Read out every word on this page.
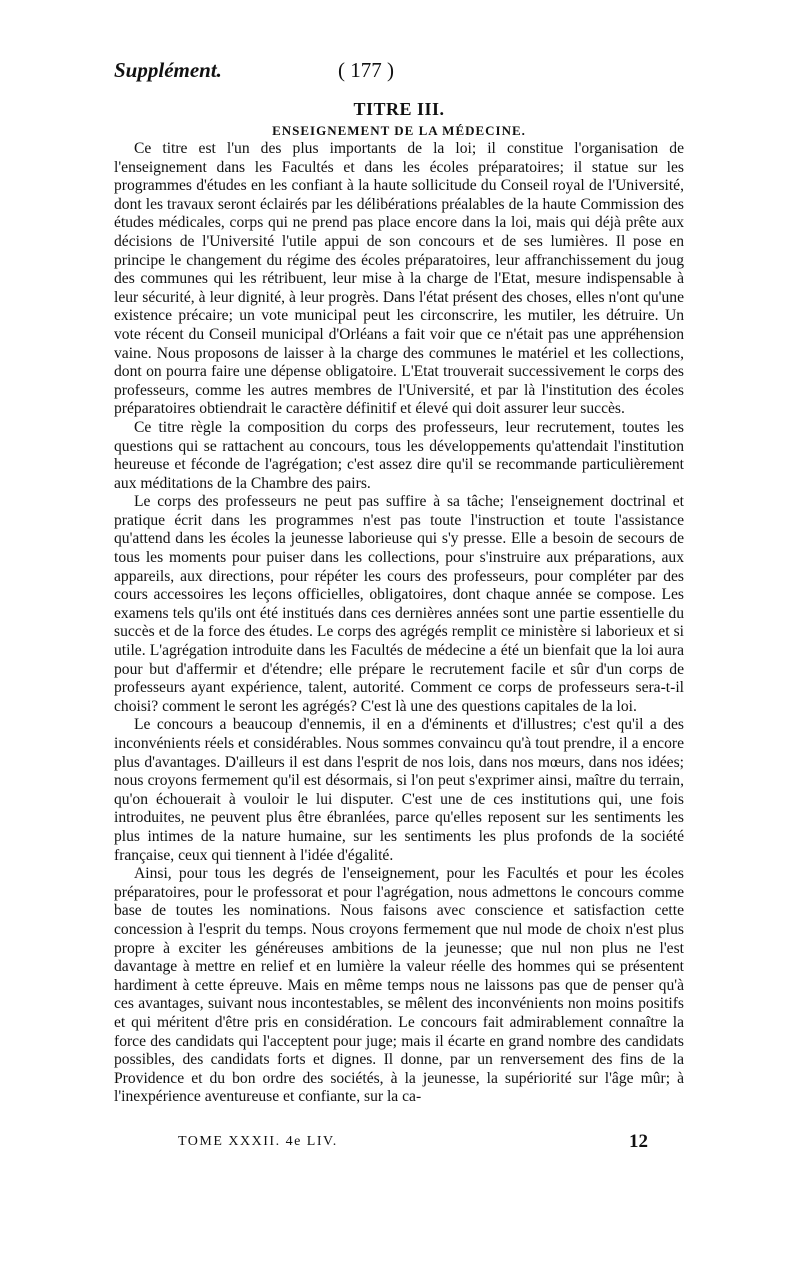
Supplément.	( 177 )
TITRE III.
ENSEIGNEMENT DE LA MÉDECINE.

Ce titre est l'un des plus importants de la loi; il constitue l'organisation de l'enseignement dans les Facultés et dans les écoles préparatoires; il statue sur les programmes d'études en les confiant à la haute sollicitude du Conseil royal de l'Université, dont les travaux seront éclairés par les délibérations préalables de la haute Commission des études médicales, corps qui ne prend pas place encore dans la loi, mais qui déjà prête aux décisions de l'Université l'utile appui de son concours et de ses lumières. Il pose en principe le changement du régime des écoles préparatoires, leur affranchissement du joug des communes qui les rétribuent, leur mise à la charge de l'Etat, mesure indispensable à leur sécurité, à leur dignité, à leur progrès. Dans l'état présent des choses, elles n'ont qu'une existence précaire; un vote municipal peut les circonscrire, les mutiler, les détruire. Un vote récent du Conseil municipal d'Orléans a fait voir que ce n'était pas une appréhension vaine. Nous proposons de laisser à la charge des communes le matériel et les collections, dont on pourra faire une dépense obligatoire. L'Etat trouverait successivement le corps des professeurs, comme les autres membres de l'Université, et par là l'institution des écoles préparatoires obtiendrait le caractère définitif et élevé qui doit assurer leur succès.

Ce titre règle la composition du corps des professeurs, leur recrutement, toutes les questions qui se rattachent au concours, tous les développements qu'attendait l'institution heureuse et féconde de l'agrégation; c'est assez dire qu'il se recommande particulièrement aux méditations de la Chambre des pairs.

Le corps des professeurs ne peut pas suffire à sa tâche; l'enseignement doctrinal et pratique écrit dans les programmes n'est pas toute l'instruction et toute l'assistance qu'attend dans les écoles la jeunesse laborieuse qui s'y presse. Elle a besoin de secours de tous les moments pour puiser dans les collections, pour s'instruire aux préparations, aux appareils, aux directions, pour répéter les cours des professeurs, pour compléter par des cours accessoires les leçons officielles, obligatoires, dont chaque année se compose. Les examens tels qu'ils ont été institués dans ces dernières années sont une partie essentielle du succès et de la force des études. Le corps des agrégés remplit ce ministère si laborieux et si utile. L'agrégation introduite dans les Facultés de médecine a été un bienfait que la loi aura pour but d'affermir et d'étendre; elle prépare le recrutement facile et sûr d'un corps de professeurs ayant expérience, talent, autorité. Comment ce corps de professeurs sera-t-il choisi? comment le seront les agrégés? C'est là une des questions capitales de la loi.

Le concours a beaucoup d'ennemis, il en a d'éminents et d'illustres; c'est qu'il a des inconvénients réels et considérables. Nous sommes convaincu qu'à tout prendre, il a encore plus d'avantages. D'ailleurs il est dans l'esprit de nos lois, dans nos mœurs, dans nos idées; nous croyons fermement qu'il est désormais, si l'on peut s'exprimer ainsi, maître du terrain, qu'on échouerait à vouloir le lui disputer. C'est une de ces institutions qui, une fois introduites, ne peuvent plus être ébranlées, parce qu'elles reposent sur les sentiments les plus intimes de la nature humaine, sur les sentiments les plus profonds de la société française, ceux qui tiennent à l'idée d'égalité.

Ainsi, pour tous les degrés de l'enseignement, pour les Facultés et pour les écoles préparatoires, pour le professorat et pour l'agrégation, nous admettons le concours comme base de toutes les nominations. Nous faisons avec conscience et satisfaction cette concession à l'esprit du temps. Nous croyons fermement que nul mode de choix n'est plus propre à exciter les généreuses ambitions de la jeunesse; que nul non plus ne l'est davantage à mettre en relief et en lumière la valeur réelle des hommes qui se présentent hardiment à cette épreuve. Mais en même temps nous ne laissons pas que de penser qu'à ces avantages, suivant nous incontestables, se mêlent des inconvénients non moins positifs et qui méritent d'être pris en considération. Le concours fait admirablement connaître la force des candidats qui l'acceptent pour juge; mais il écarte en grand nombre des candidats possibles, des candidats forts et dignes. Il donne, par un renversement des fins de la Providence et du bon ordre des sociétés, à la jeunesse, la supériorité sur l'âge mûr; à l'inexpérience aventureuse et confiante, sur la ca-

TOME XXXII. 4e LIV.	12
